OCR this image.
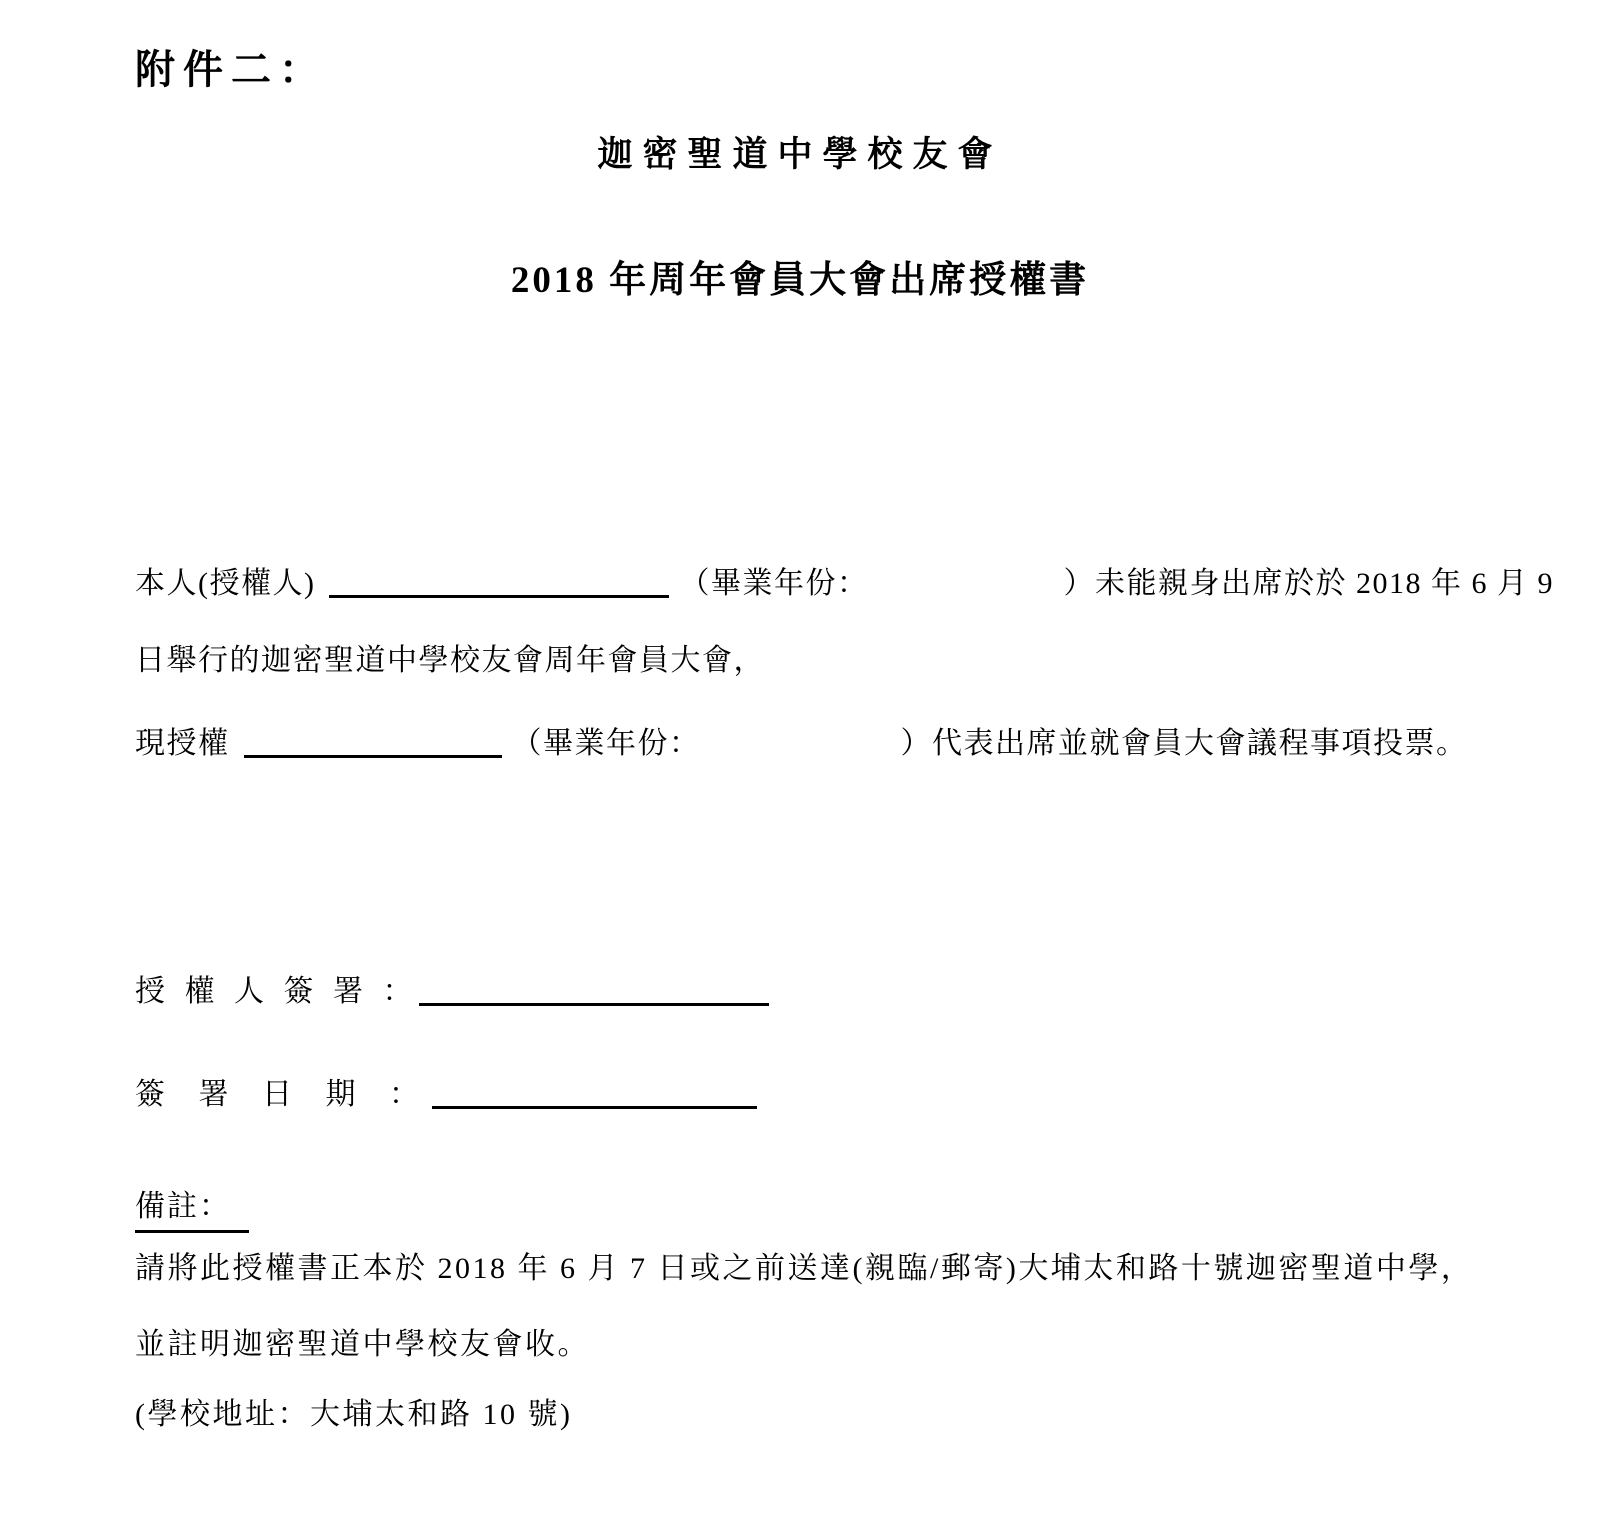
附件二：
迦密聖道中學校友會
2018 年周年會員大會出席授權書
本人(授權人)	（畢業年份：	）未能親身出席於於 2018 年 6 月 9
日舉行的迦密聖道中學校友會周年會員大會，
現授權	（畢業年份：	）代表出席並就會員大會議程事項投票。
授 權 人 簽 署 ：
簽 署 日 期 ：
備註：
請將此授權書正本於 2018 年 6 月 7 日或之前送達(親臨/郵寄)大埔太和路十號迦密聖道中學，
並註明迦密聖道中學校友會收。
(學校地址：大埔太和路 10 號)
